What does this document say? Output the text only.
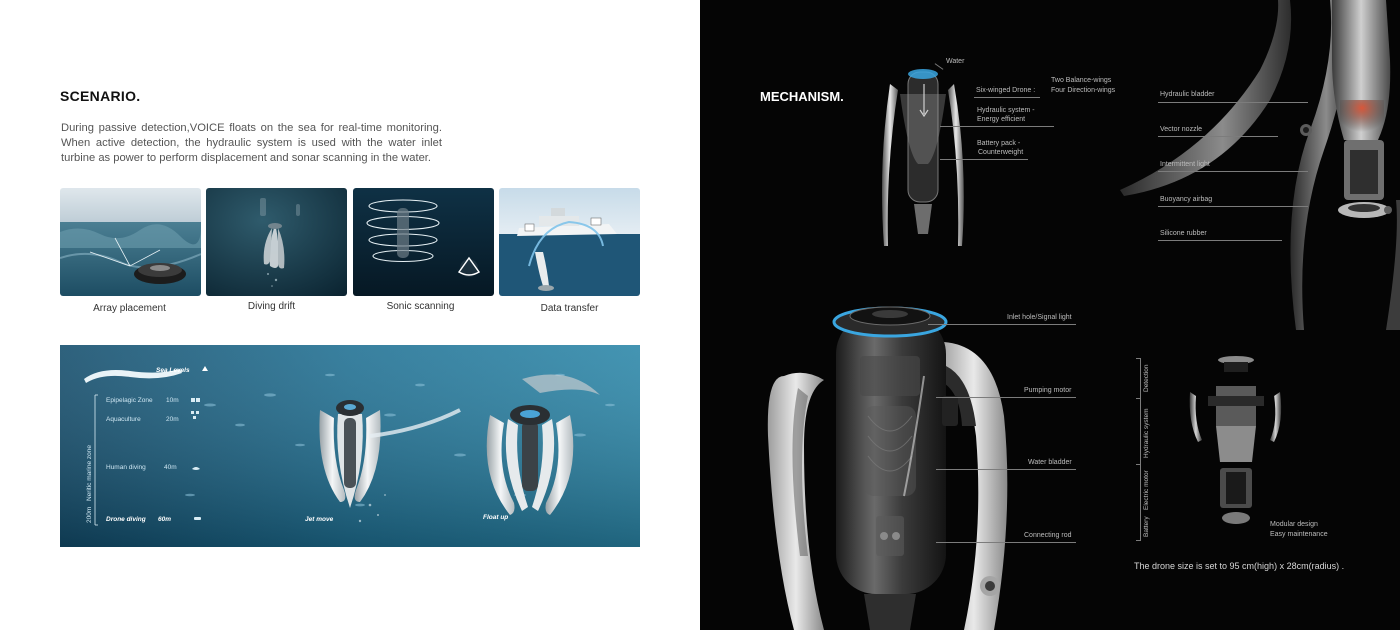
SCENARIO.
During passive detection,VOICE floats on the sea for real-time monitoring. When active detection, the hydraulic system is used with the water inlet turbine as power to perform displacement and sonar scanning in the water.
Array placement	Diving drift	Sonic scanning	Data transfer
Sea Levels
Epipelagic Zone 10m
Aquaculture	20m
Human diving	40m
Drone diving 60m
200m
Neritic marine zone
Jet move	Float up
MECHANISM.
Water
Six-winged Drone :
Two Balance-wings
Four Direction-wings
Hydraulic system -
Energy efficient
Battery pack -
Counterweight
Hydraulic bladder
Vector nozzle
Intermittent light
Buoyancy airbag
Silicone rubber
Inlet hole/Signal light
Pumping motor
Water bladder
Connecting rod
Detection
Hydraulic system
Electric motor
Battery	Modular design
Easy maintenance
The drone size is set to 95 cm(high) x 28cm(radius) .
